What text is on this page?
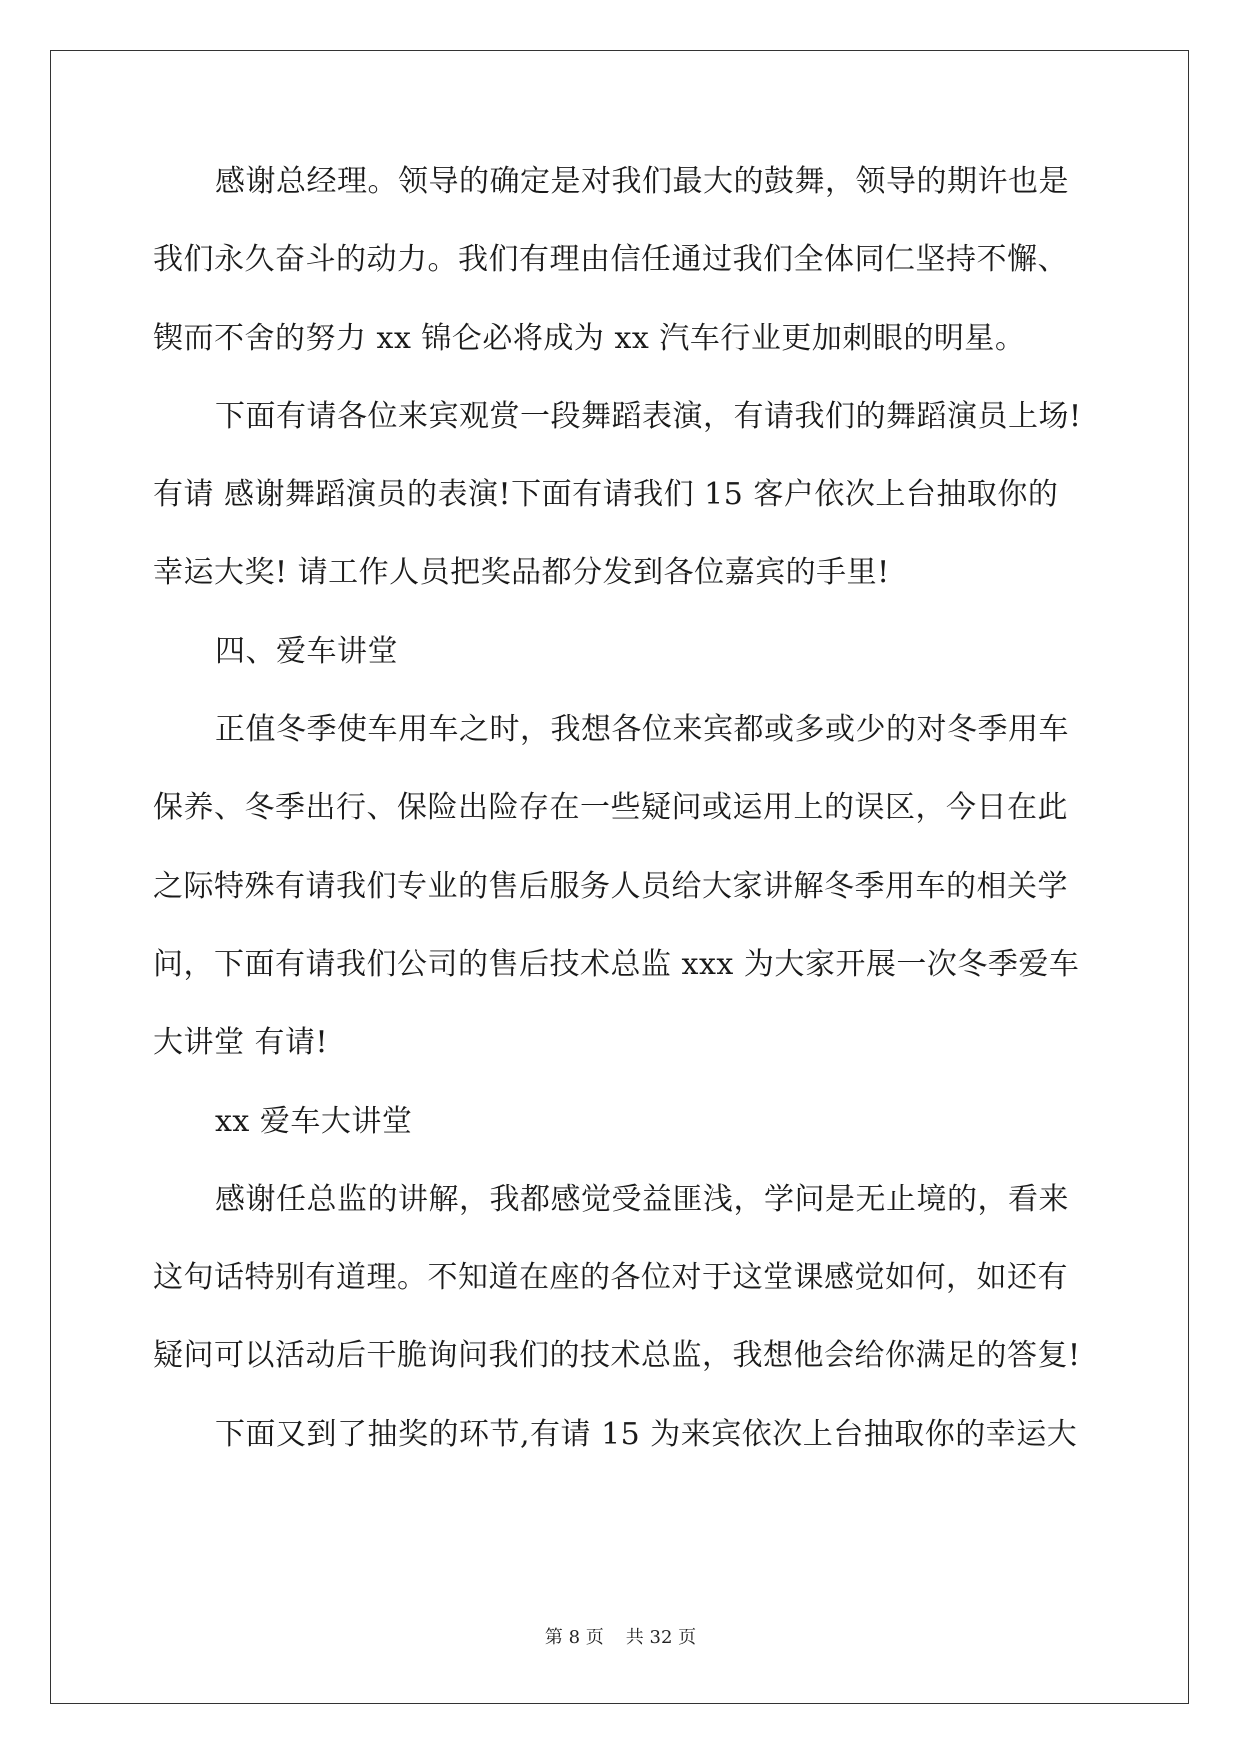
感谢总经理。领导的确定是对我们最大的鼓舞，领导的期许也是
我们永久奋斗的动力。我们有理由信任通过我们全体同仁坚持不懈、
锲而不舍的努力 xx 锦仑必将成为 xx 汽车行业更加刺眼的明星。
下面有请各位来宾观赏一段舞蹈表演，有请我们的舞蹈演员上场!
有请 感谢舞蹈演员的表演!下面有请我们 15 客户依次上台抽取你的
幸运大奖! 请工作人员把奖品都分发到各位嘉宾的手里!
四、爱车讲堂
正值冬季使车用车之时，我想各位来宾都或多或少的对冬季用车
保养、冬季出行、保险出险存在一些疑问或运用上的误区，今日在此
之际特殊有请我们专业的售后服务人员给大家讲解冬季用车的相关学
问，下面有请我们公司的售后技术总监 xxx 为大家开展一次冬季爱车
大讲堂 有请!
xx 爱车大讲堂
感谢任总监的讲解，我都感觉受益匪浅，学问是无止境的，看来
这句话特别有道理。不知道在座的各位对于这堂课感觉如何，如还有
疑问可以活动后干脆询问我们的技术总监，我想他会给你满足的答复!
下面又到了抽奖的环节,有请 15 为来宾依次上台抽取你的幸运大
第 8 页 共 32 页
